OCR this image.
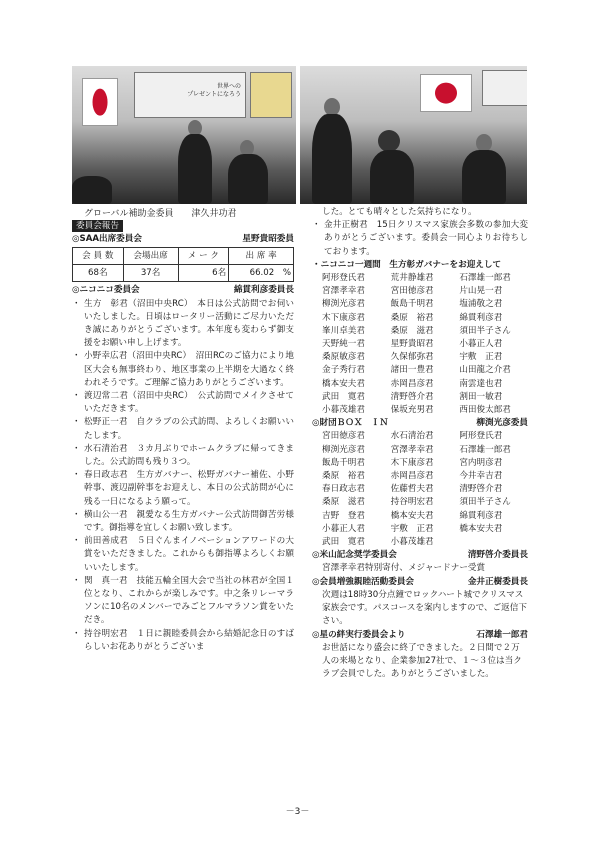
世界への
プレゼントになろう
グローバル補助金委員　　津久井功君
委員会報告
◎SAA出席委員会	星野貴昭委員
会 員 数	会場出席	メ ー ク	出 席 率
68名	37名	6名	66.02　%
◎ニコニコ委員会	綿貫利彦委員長
・ 生方　彰君（沼田中央RC）　本日は公式訪問でお伺いいたしました。日頃はロータリー活動にご尽力いただき誠にありがとうございます。本年度も変わらず御支援をお願い申し上げます。
・ 小野幸広君（沼田中央RC）　沼田RCのご協力により地区大会も無事終わり、地区事業の上半期を大過なく終われそうです。ご理解ご協力ありがとうございます。
・ 渡辺常二君（沼田中央RC）　公式訪問でメイクさせていただきます。
・ 松野正一君　自クラブの公式訪問、よろしくお願いいたします。
・ 水石清治君　３カ月ぶりでホームクラブに帰ってきました。公式訪問も残り３つ。
・ 春日政志君　生方ガバナー、松野ガバナー補佐、小野幹事、渡辺副幹事をお迎えし、本日の公式訪問が心に残る一日になるよう願って。
・ 横山公一君　親愛なる生方ガバナー公式訪問御苦労様です。御指導を宜しくお願い致します。
・ 前田善成君　５日ぐんまイノベーションアワードの大賞をいただきました。これからも御指導よろしくお願いいたします。
・ 関　真一君　技能五輪全国大会で当社の林君が全国１位となり、これからが楽しみです。中之条リレーマラソンに10名のメンバーでみごとフルマラソン賞をいただき。
・ 持谷明宏君　１日に親睦委員会から結婚記念日のすばらしいお花ありがとうございま
した。とても晴々とした気持ちになり。
・ 金井正樹君　15日クリスマス家族会多数の参加大変ありがとうございます。委員会一同心よりお待ちしております。
・ニコニコ一週間　生方彰ガバナーをお迎えして
阿形登氏君	荒井静雄君	石澤雄一郎君
宮澤孝幸君	宮田徳彦君	片山晃一君
柳渕光彦君	飯島千明君	塩浦敬之君
木下康彦君	桑原　裕君	綿貫利彦君
峯川卓美君	桑原　滋君	須田半子さん
天野純一君	星野貴昭君	小暮正人君
桑原敏彦君	久保郁弥君	宇敷　正君
金子秀行君	諸田一豊君	山田龍之介君
橋本安夫君	赤岡昌彦君	南雲達也君
武田　寛君	清野啓介君	割田一敏君
小暮茂雄君	保坂充男君	西田俊太郎君
◎財団ＢＯＸ　ＩＮ	柳渕光彦委員
宮田徳彦君	水石清治君	阿形登氏君
柳渕光彦君	宮澤孝幸君	石澤雄一郎君
飯島千明君	木下康彦君	宮内明彦君
桑原　裕君	赤岡昌彦君	今井幸吉君
春日政志君	佐藤哲夫君	清野啓介君
桑原　滋君	持谷明宏君	須田半子さん
吉野　登君	橋本安夫君	綿貫利彦君
小暮正人君	宇敷　正君	橋本安夫君
武田　寛君	小暮茂雄君
◎米山記念奨学委員会	清野啓介委員長
宮澤孝幸君特別寄付、メジャードナー受賞
◎会員増強親睦活動委員会	金井正樹委員長
次週は18時30分点鐘でロックハート城でクリスマス家族会です。パスコースを案内しますので、ご返信下さい。
◎星の絆実行委員会より	石澤雄一郎君
お世話になり盛会に終了できました。２日間で２万人の来場となり、企業参加27社で、１～３位は当クラブ会員でした。ありがとうございました。
－3－
